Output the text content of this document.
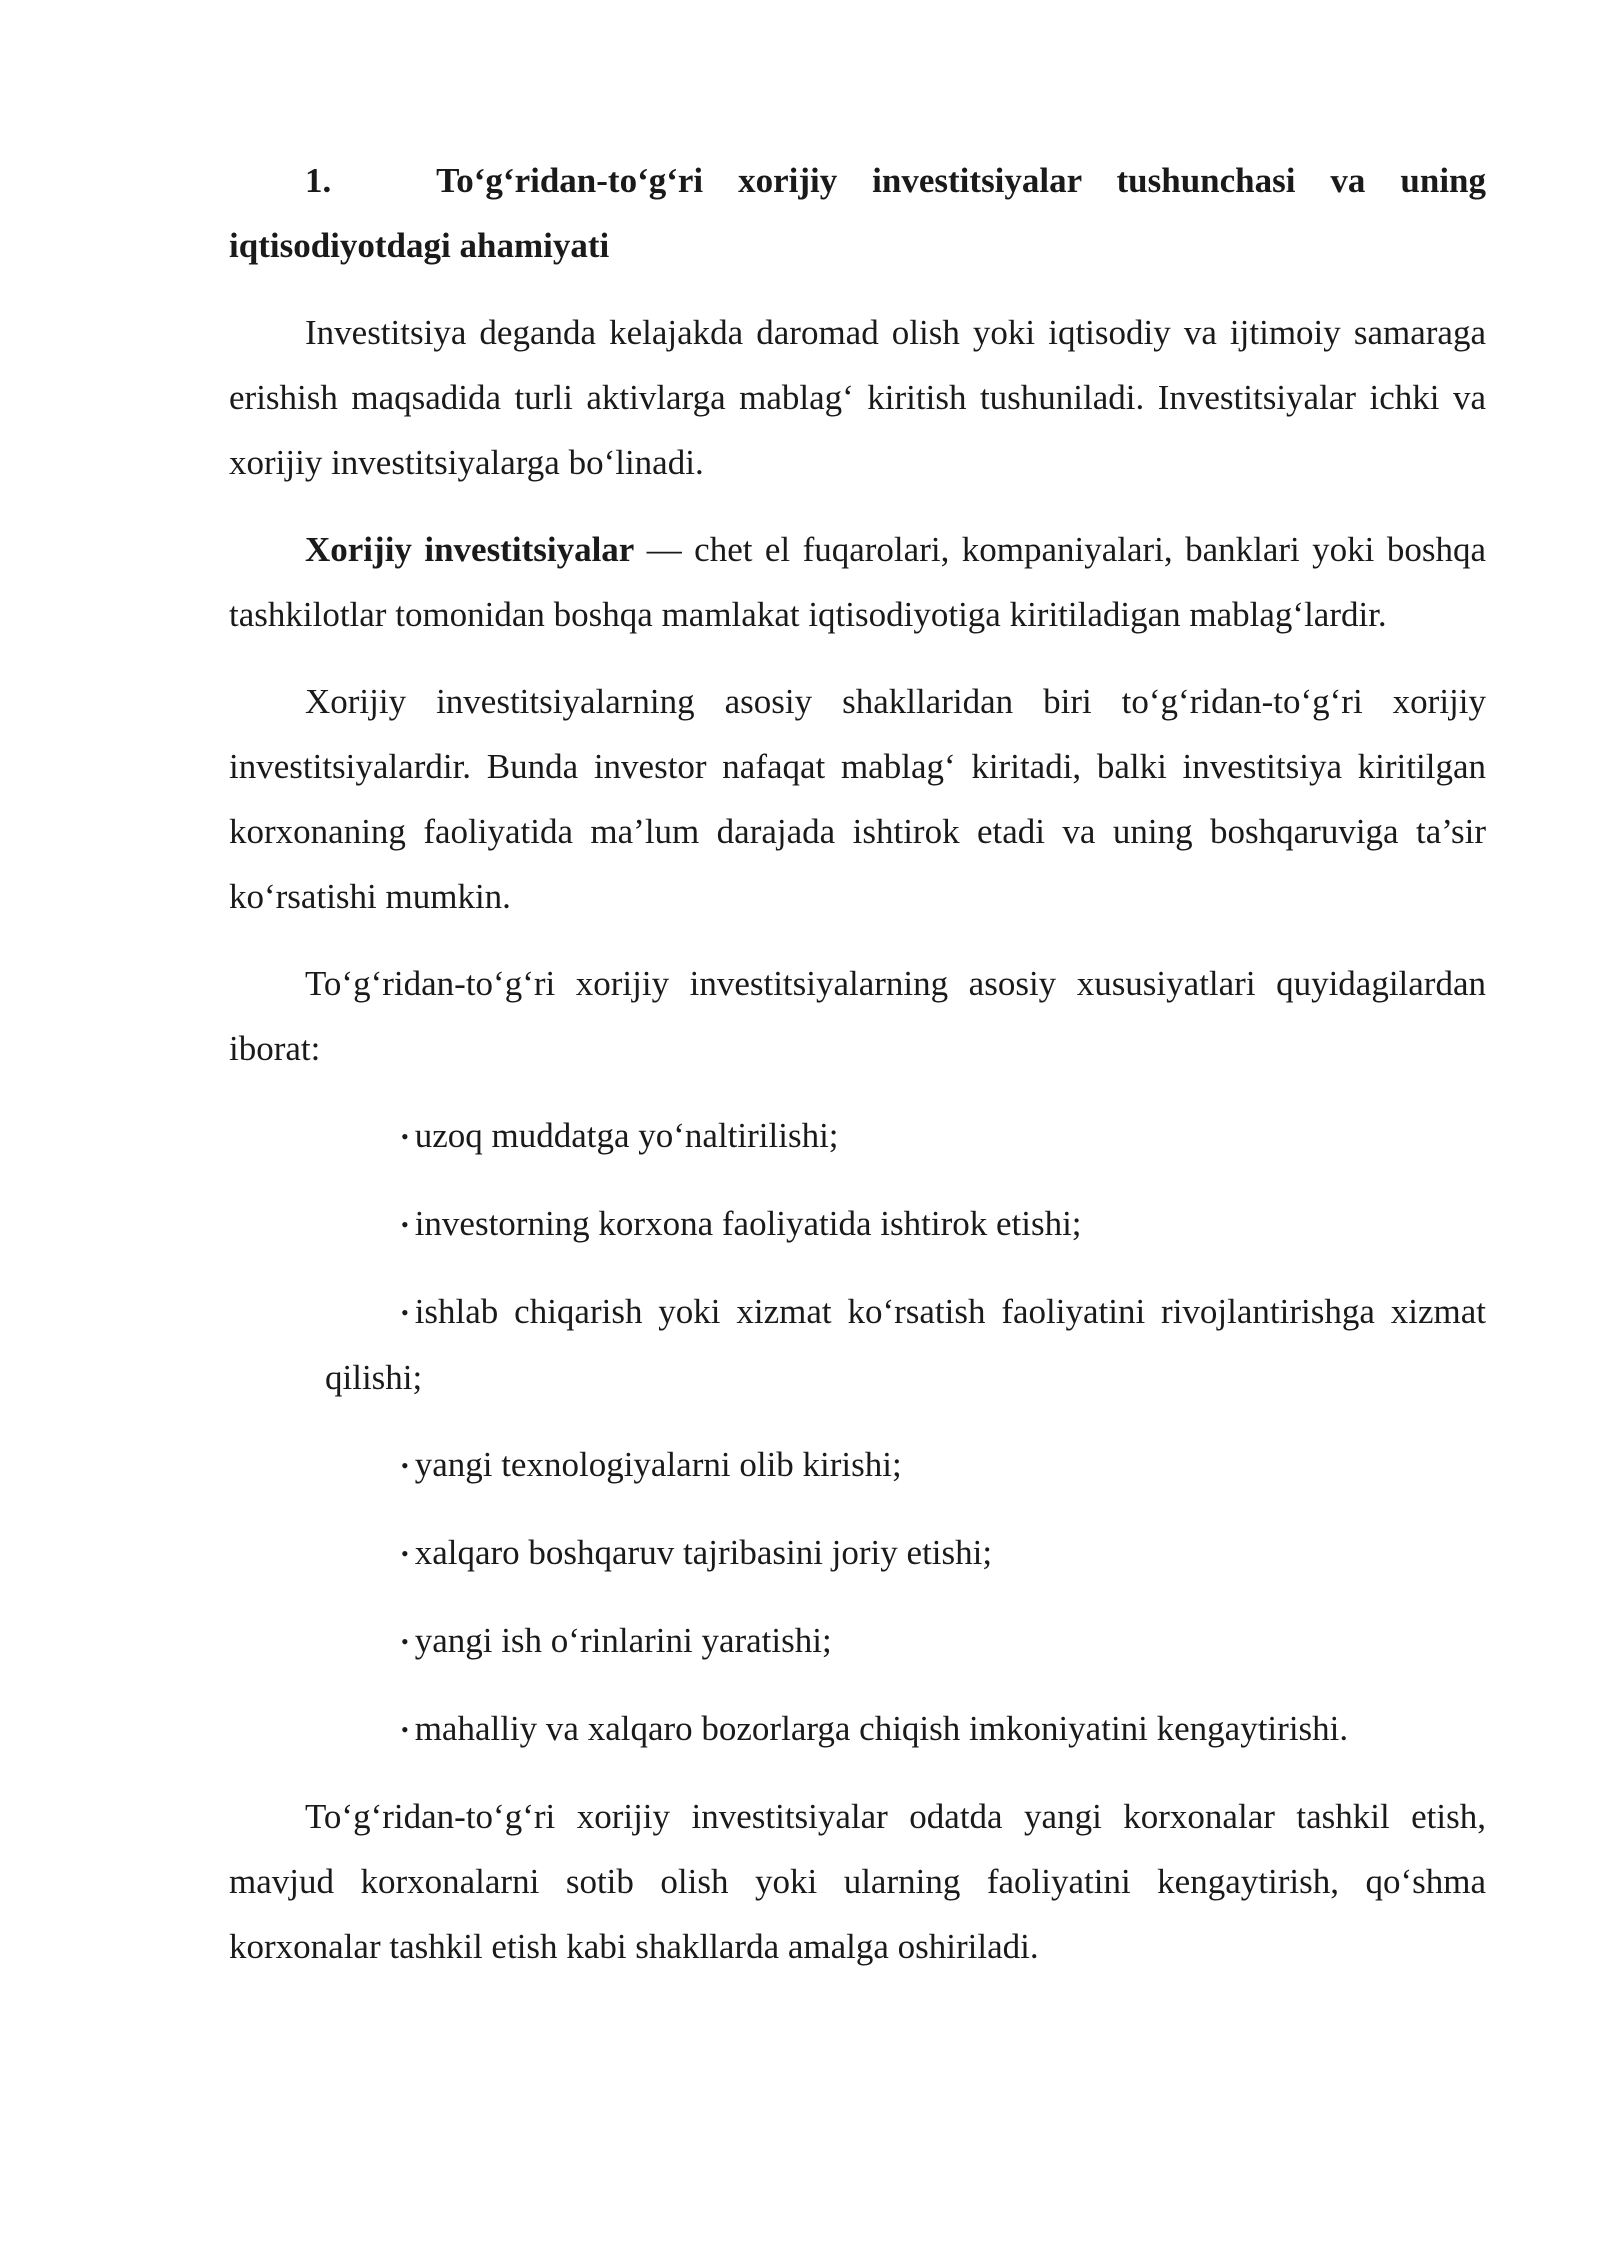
1.	To‘g‘ridan-to‘g‘ri xorijiy investitsiyalar tushunchasi va uning iqtisodiyotdagi ahamiyati

Investitsiya deganda kelajakda daromad olish yoki iqtisodiy va ijtimoiy samaraga erishish maqsadida turli aktivlarga mablag‘ kiritish tushuniladi. Investitsiyalar ichki va xorijiy investitsiyalarga bo‘linadi.

Xorijiy investitsiyalar — chet el fuqarolari, kompaniyalari, banklari yoki boshqa tashkilotlar tomonidan boshqa mamlakat iqtisodiyotiga kiritiladigan mablag‘lardir.

Xorijiy investitsiyalarning asosiy shakllaridan biri to‘g‘ridan-to‘g‘ri xorijiy investitsiyalardir. Bunda investor nafaqat mablag‘ kiritadi, balki investitsiya kiritilgan korxonaning faoliyatida ma’lum darajada ishtirok etadi va uning boshqaruviga ta’sir ko‘rsatishi mumkin.

To‘g‘ridan-to‘g‘ri xorijiy investitsiyalarning asosiy xususiyatlari quyidagilardan iborat:

• uzoq muddatga yo‘naltirilishi;
• investorning korxona faoliyatida ishtirok etishi;
• ishlab chiqarish yoki xizmat ko‘rsatish faoliyatini rivojlantirishga xizmat qilishi;
• yangi texnologiyalarni olib kirishi;
• xalqaro boshqaruv tajribasini joriy etishi;
• yangi ish o‘rinlarini yaratishi;
• mahalliy va xalqaro bozorlarga chiqish imkoniyatini kengaytirishi.

To‘g‘ridan-to‘g‘ri xorijiy investitsiyalar odatda yangi korxonalar tashkil etish, mavjud korxonalarni sotib olish yoki ularning faoliyatini kengaytirish, qo‘shma korxonalar tashkil etish kabi shakllarda amalga oshiriladi.
